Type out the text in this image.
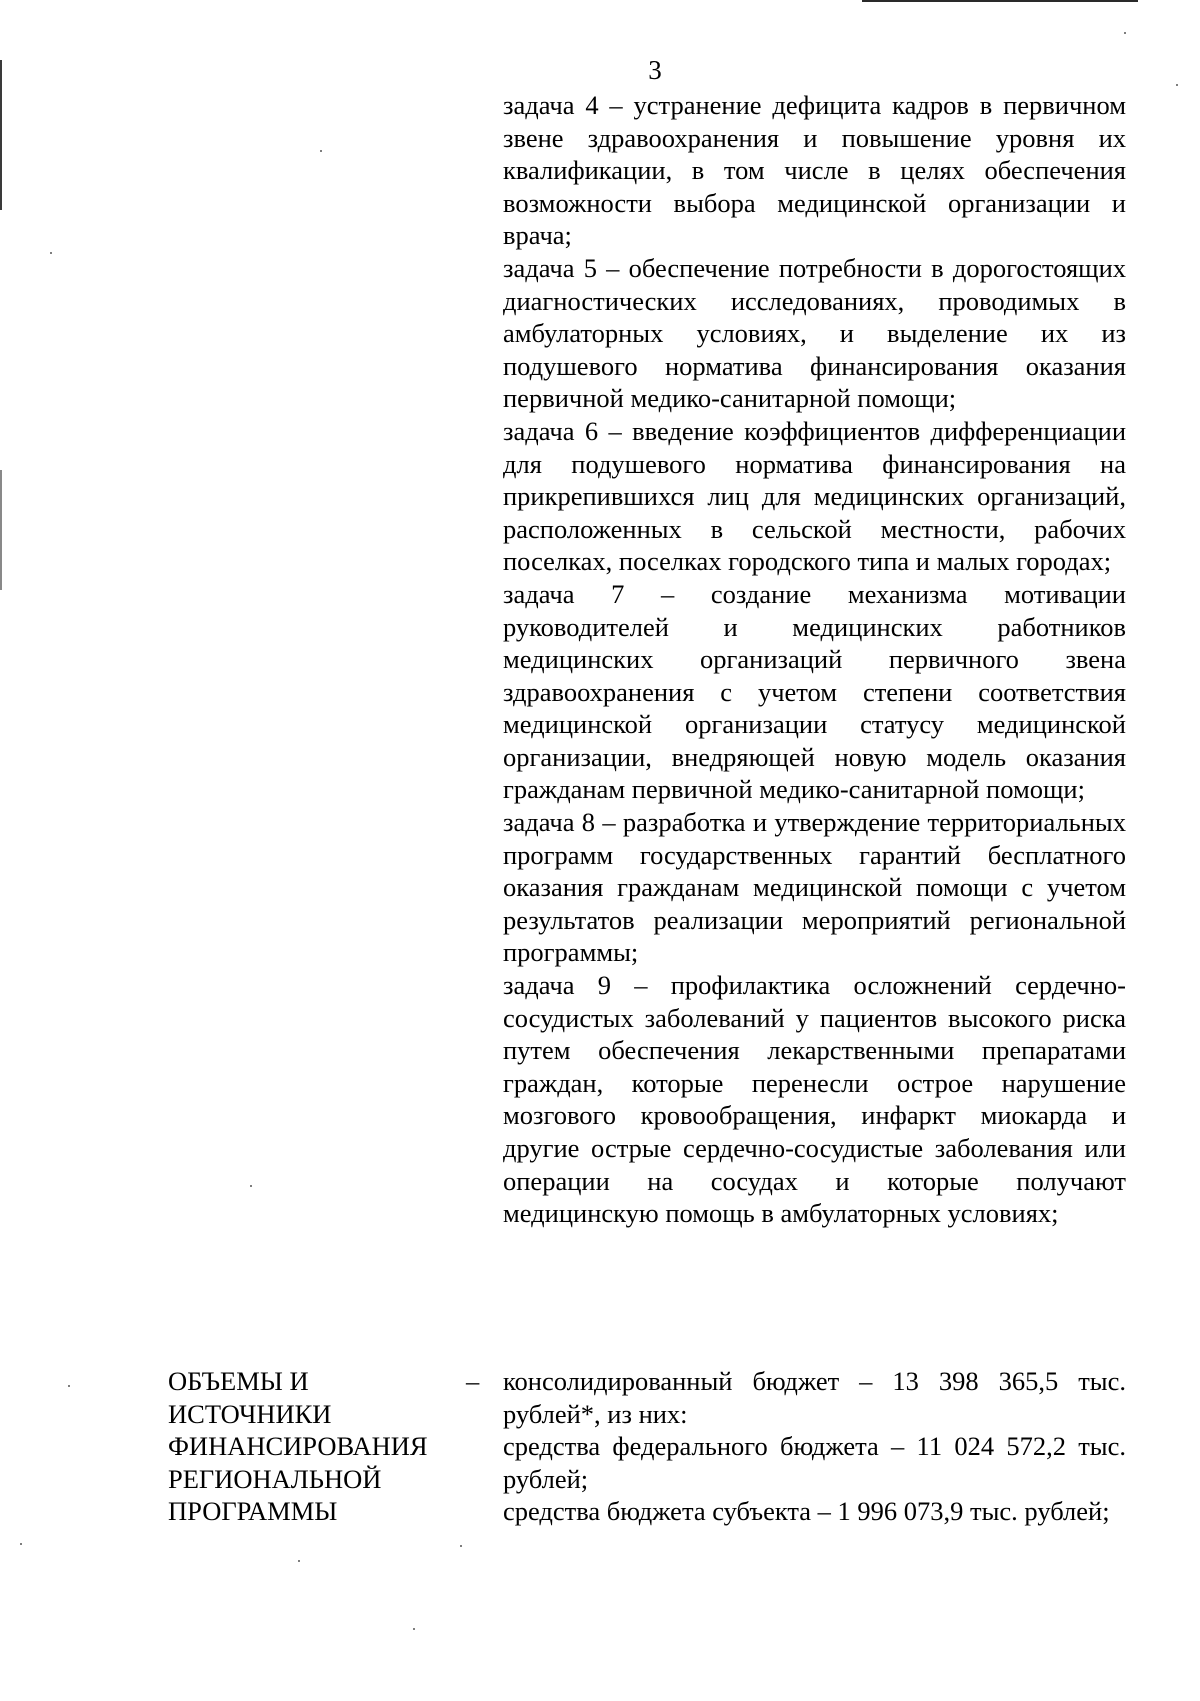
3

задача 4 – устранение дефицита кадров в первичном звене здравоохранения и повышение уровня их квалификации, в том числе в целях обеспечения возможности выбора медицинской организации и врача;

задача 5 – обеспечение потребности в дорогостоящих диагностических исследованиях, проводимых в амбулаторных условиях, и выделение их из подушевого норматива финансирования оказания первичной медико-санитарной помощи;

задача 6 – введение коэффициентов дифференциации для подушевого норматива финансирования на прикрепившихся лиц для медицинских организаций, расположенных в сельской местности, рабочих поселках, поселках городского типа и малых городах;

задача 7 – создание механизма мотивации руководителей и медицинских работников медицинских организаций первичного звена здравоохранения с учетом степени соответствия медицинской организации статусу медицинской организации, внедряющей новую модель оказания гражданам первичной медико-санитарной помощи;

задача 8 – разработка и утверждение территориальных программ государственных гарантий бесплатного оказания гражданам медицинской помощи с учетом результатов реализации мероприятий региональной программы;

задача 9 – профилактика осложнений сердечно-сосудистых заболеваний у пациентов высокого риска путем обеспечения лекарственными препаратами граждан, которые перенесли острое нарушение мозгового кровообращения, инфаркт миокарда и другие острые сердечно-сосудистые заболевания или операции на сосудах и которые получают медицинскую помощь в амбулаторных условиях;

ОБЪЕМЫ И
ИСТОЧНИКИ
ФИНАНСИРОВАНИЯ
РЕГИОНАЛЬНОЙ
ПРОГРАММЫ
– консолидированный бюджет – 13 398 365,5 тыс. рублей*, из них:

средства федерального бюджета – 11 024 572,2 тыс. рублей;

средства бюджета субъекта – 1 996 073,9 тыс. рублей;
